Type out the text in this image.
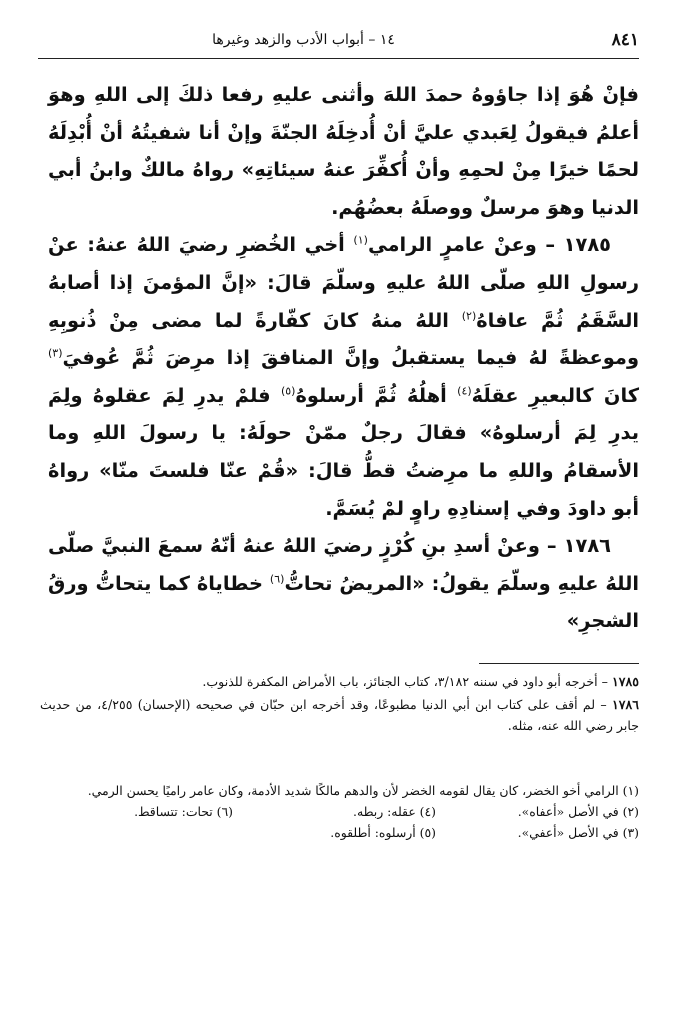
٨٤١
١٤ – أبواب الأدب والزهد وغيرها

فإنْ هُوَ إذا جاؤوهُ حمدَ اللهَ وأثنى عليهِ رفعا ذلكَ إلى اللهِ وهوَ أعلمُ فيقولُ لِعَبدي عليَّ أنْ أُدخِلَهُ الجنّةَ وإنْ أنا شفيتُهُ أنْ أُبْدِلَهُ لحمًا خيرًا مِنْ لحمِهِ وأنْ أُكفِّرَ عنهُ سيئاتِهِ» رواهُ مالكٌ وابنُ أبي الدنيا وهوَ مرسلٌ ووصلَهُ بعضُهُم.

١٧٨٥ – وعنْ عامرٍ الرامي$^{(١)}$ أخي الخُضرِ رضيَ اللهُ عنهُ: عنْ رسولِ اللهِ صلّى اللهُ عليهِ وسلّمَ قالَ: «إنَّ المؤمنَ إذا أصابهُ السَّقَمُ ثُمَّ عافاهُ$^{(٢)}$ اللهُ منهُ كانَ كفّارةً لما مضى مِنْ ذُنوبِهِ وموعظةً لهُ فيما يستقبلُ وإنَّ المنافقَ إذا مرِضَ ثُمَّ عُوفيَ$^{(٣)}$ كانَ كالبعيرِ عقلَهُ$^{(٤)}$ أهلُهُ ثُمَّ أرسلوهُ$^{(٥)}$ فلمْ يدرِ لِمَ عقلوهُ ولِمَ يدرِ لِمَ أرسلوهُ» فقالَ رجلٌ ممّنْ حولَهُ: يا رسولَ اللهِ وما الأسقامُ واللهِ ما مرِضتُ قطُّ قالَ: «قُمْ عنّا فلستَ منّا» رواهُ أبو داودَ وفي إسنادِهِ راوٍ لمْ يُسَمَّ.

١٧٨٦ – وعنْ أسدِ بنِ كُرْزٍ رضيَ اللهُ عنهُ أنّهُ سمعَ النبيَّ صلّى اللهُ عليهِ وسلّمَ يقولُ: «المريضُ تحاتُّ$^{(٦)}$ خطاياهُ كما يتحاتُّ ورقُ الشجرِ»

١٧٨٥ – أخرجه أبو داود في سننه ٣/١٨٢، كتاب الجنائز، باب الأمراض المكفرة للذنوب.

١٧٨٦ – لم أقف على كتاب ابن أبي الدنيا مطبوعًا، وقد أخرجه ابن حبّان في صحيحه (الإحسان) ٤/٢٥٥، من حديث جابر رضي الله عنه، مثله.

(١) الرامي أخو الخضر، كان يقال لقومه الخضر لأن والدهم مالكًا شديد الأدمة، وكان عامر راميًا يحسن الرمي.

(٢) في الأصل «أعفاه».
(٤) عقله: ربطه.
(٦) تحات: تتساقط.
(٣) في الأصل «أعفي».
(٥) أرسلوه: أطلقوه.
